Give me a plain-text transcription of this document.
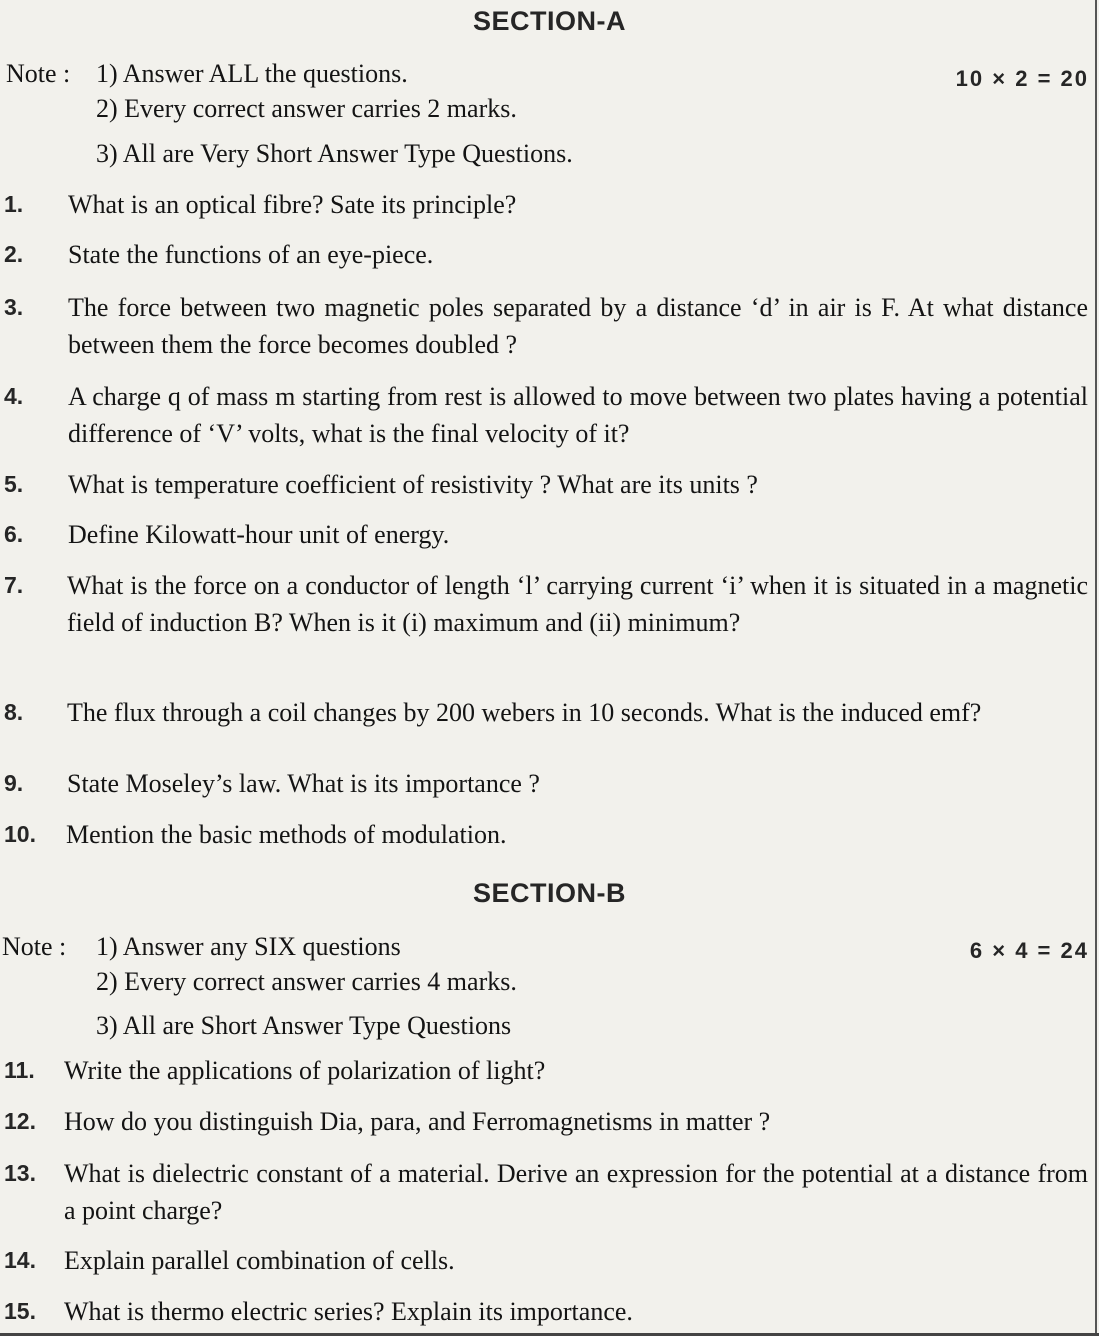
SECTION-A
Note : 1) Answer ALL the questions.
2) Every correct answer carries 2 marks.
3) All are Very Short Answer Type Questions.
10 × 2 = 20
1. What is an optical fibre? Sate its principle?
2. State the functions of an eye-piece.
3. The force between two magnetic poles separated by a distance ‘d’ in air is F. At what distance between them the force becomes doubled ?
4. A charge q of mass m starting from rest is allowed to move between two plates having a potential difference of ‘V’ volts, what is the final velocity of it?
5. What is temperature coefficient of resistivity ? What are its units ?
6. Define Kilowatt-hour unit of energy.
7. What is the force on a conductor of length ‘l’ carrying current ‘i’ when it is situated in a magnetic field of induction B? When is it (i) maximum and (ii) minimum?
8. The flux through a coil changes by 200 webers in 10 seconds. What is the induced emf?
9. State Moseley’s law. What is its importance ?
10. Mention the basic methods of modulation.
SECTION-B
Note : 1) Answer any SIX questions
2) Every correct answer carries 4 marks.
3) All are Short Answer Type Questions
6 × 4 = 24
11. Write the applications of polarization of light?
12. How do you distinguish Dia, para, and Ferromagnetisms in matter ?
13. What is dielectric constant of a material. Derive an expression for the potential at a distance from a point charge?
14. Explain parallel combination of cells.
15. What is thermo electric series? Explain its importance.
